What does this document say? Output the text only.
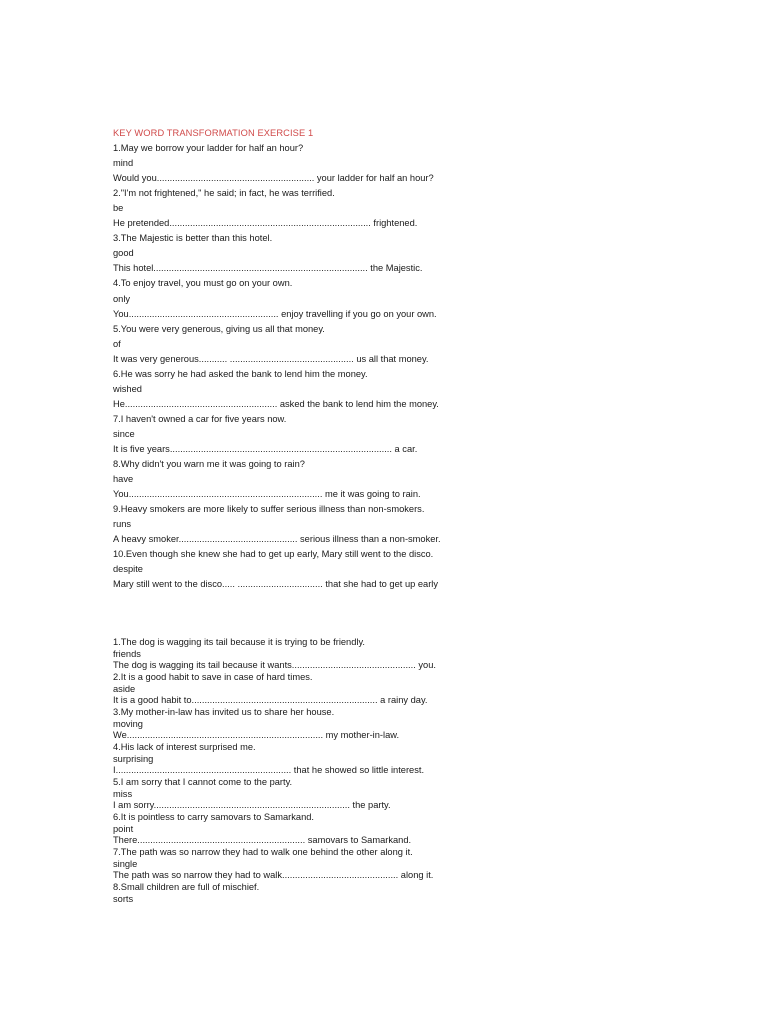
KEY WORD TRANSFORMATION EXERCISE 1
1.May we borrow your ladder for half an hour?
mind
Would you............................................................. your ladder for half an hour?
2."I'm not frightened," he said; in fact, he was terrified.
be
He pretended.............................................................................. frightened.
3.The Majestic is better than this hotel.
good
This hotel................................................................................... the Majestic.
4.To enjoy travel, you must go on your own.
only
You.......................................................... enjoy travelling if you go on your own.
5.You were very generous, giving us all that money.
of
It was very generous........... ................................................ us all that money.
6.He was sorry he had asked the bank to lend him the money.
wished
He........................................................... asked the bank to lend him the money.
7.I haven't owned a car for five years now.
since
It is five years...................................................................................... a car.
8.Why didn't you warn me it was going to rain?
have
You........................................................................... me it was going to rain.
9.Heavy smokers are more likely to suffer serious illness than non-smokers.
runs
A heavy smoker.............................................. serious illness than a non-smoker.
10.Even though she knew she had to get up early, Mary still went to the disco.
despite
Mary still went to the disco..... ................................. that she had to get up early
1.The dog is wagging its tail because it is trying to be friendly.
friends
The dog is wagging its tail because it wants................................................ you.
2.It is a good habit to save in case of hard times.
aside
It is a good habit to........................................................................ a rainy day.
3.My mother-in-law has invited us to share her house.
moving
We............................................................................ my mother-in-law.
4.His lack of interest surprised me.
surprising
I.................................................................... that he showed so little interest.
5.I am sorry that I cannot come to the party.
miss
I am sorry............................................................................ the party.
6.It is pointless to carry samovars to Samarkand.
point
There................................................................. samovars to Samarkand.
7.The path was so narrow they had to walk one behind the other along it.
single
The path was so narrow they had to walk............................................. along it.
8.Small children are full of mischief.
sorts
